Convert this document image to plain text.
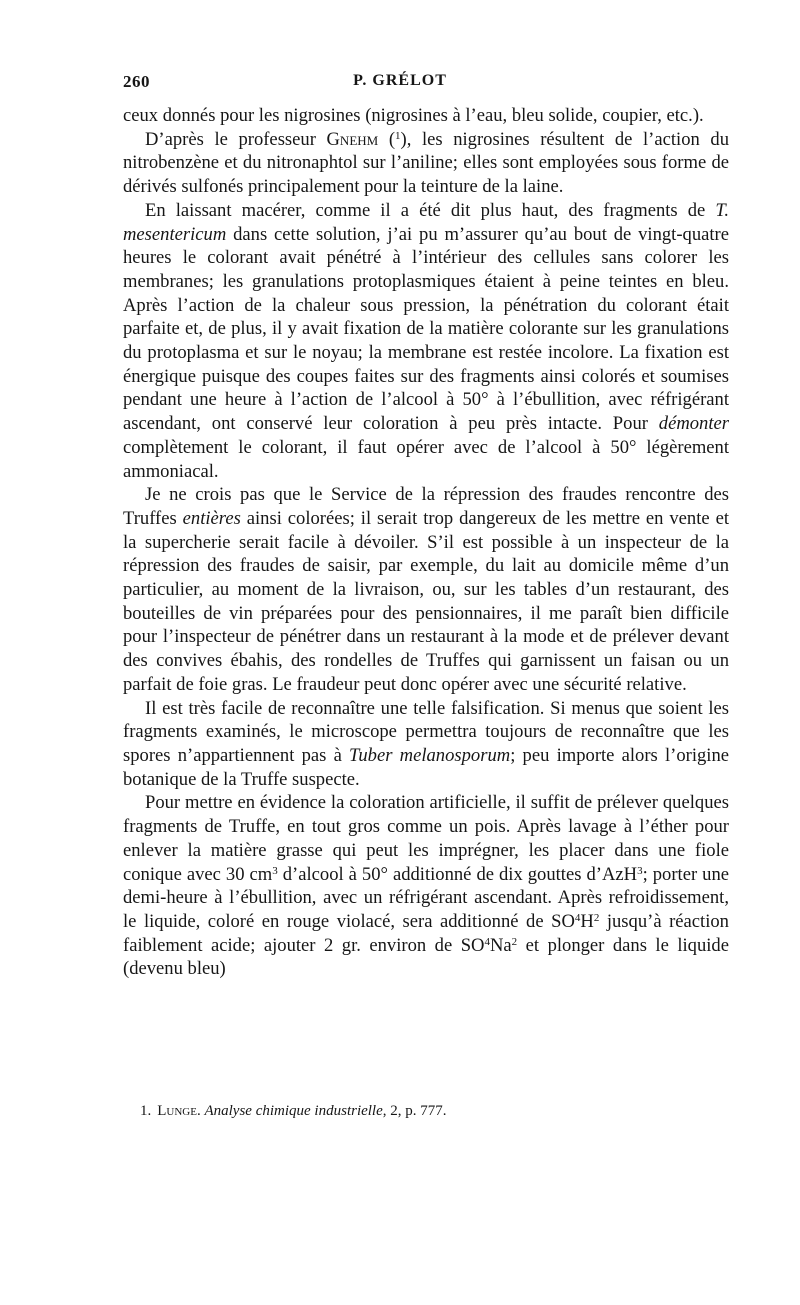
260	P. GRÉLOT

ceux donnés pour les nigrosines (nigrosines à l’eau, bleu solide, coupier, etc.).

D’après le professeur Gnehm ($^1$), les nigrosines résultent de l’action du nitrobenzène et du nitronaphtol sur l’aniline; elles sont employées sous forme de dérivés sulfonés principalement pour la teinture de la laine.

En laissant macérer, comme il a été dit plus haut, des fragments de T. mesentericum dans cette solution, j’ai pu m’assurer qu’au bout de vingt-quatre heures le colorant avait pénétré à l’intérieur des cellules sans colorer les membranes; les granulations protoplasmiques étaient à peine teintes en bleu. Après l’action de la chaleur sous pression, la pénétration du colorant était parfaite et, de plus, il y avait fixation de la matière colorante sur les granulations du protoplasma et sur le noyau; la membrane est restée incolore. La fixation est énergique puisque des coupes faites sur des fragments ainsi colorés et soumises pendant une heure à l’action de l’alcool à 50° à l’ébullition, avec réfrigérant ascendant, ont conservé leur coloration à peu près intacte. Pour démonter complètement le colorant, il faut opérer avec de l’alcool à 50° légèrement ammoniacal.

Je ne crois pas que le Service de la répression des fraudes rencontre des Truffes entières ainsi colorées; il serait trop dangereux de les mettre en vente et la supercherie serait facile à dévoiler. S’il est possible à un inspecteur de la répression des fraudes de saisir, par exemple, du lait au domicile même d’un particulier, au moment de la livraison, ou, sur les tables d’un restaurant, des bouteilles de vin préparées pour des pensionnaires, il me paraît bien difficile pour l’inspecteur de pénétrer dans un restaurant à la mode et de prélever devant des convives ébahis, des rondelles de Truffes qui garnissent un faisan ou un parfait de foie gras. Le fraudeur peut donc opérer avec une sécurité relative.

Il est très facile de reconnaître une telle falsification. Si menus que soient les fragments examinés, le microscope permettra toujours de reconnaître que les spores n’appartiennent pas à Tuber melanosporum; peu importe alors l’origine botanique de la Truffe suspecte.

Pour mettre en évidence la coloration artificielle, il suffit de prélever quelques fragments de Truffe, en tout gros comme un pois. Après lavage à l’éther pour enlever la matière grasse qui peut les imprégner, les placer dans une fiole conique avec 30 $cm^3$ d’alcool à 50° additionné de dix gouttes d’AzH$^3$; porter une demi-heure à l’ébullition, avec un réfrigérant ascendant. Après refroidissement, le liquide, coloré en rouge violacé, sera additionné de $SO^4H^2$ jusqu’à réaction faiblement acide; ajouter 2 gr. environ de $SO^4Na^2$ et plonger dans le liquide (devenu bleu)

1. Lunge. Analyse chimique industrielle, 2, p. 777.
